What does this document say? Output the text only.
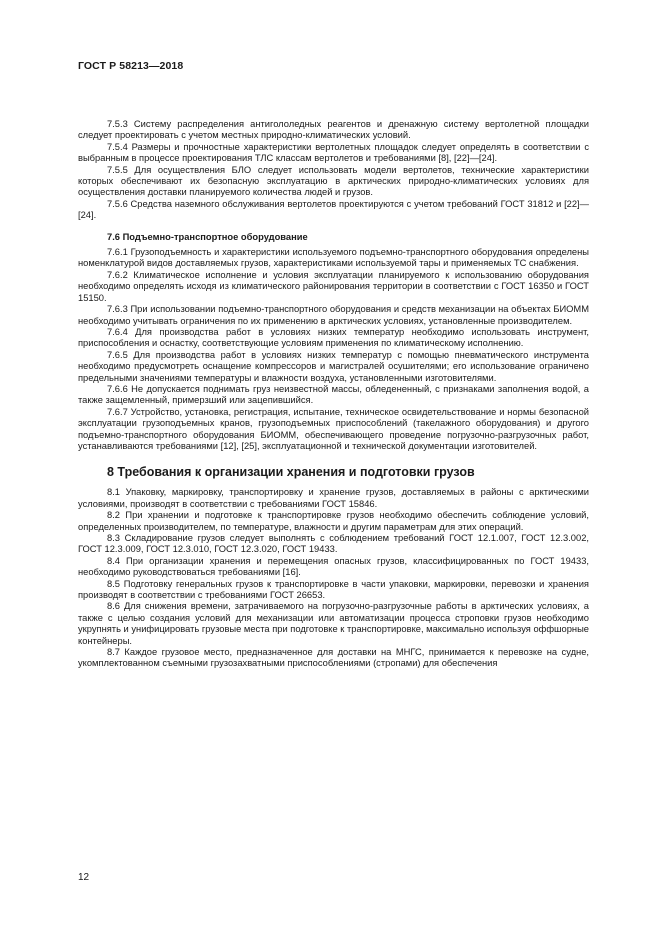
ГОСТ Р 58213—2018

7.5.3 Систему распределения антигололедных реагентов и дренажную систему вертолетной площадки следует проектировать с учетом местных природно-климатических условий.

7.5.4 Размеры и прочностные характеристики вертолетных площадок следует определять в соответствии с выбранным в процессе проектирования ТЛС классам вертолетов и требованиями [8], [22]—[24].

7.5.5 Для осуществления БЛО следует использовать модели вертолетов, технические характеристики которых обеспечивают их безопасную эксплуатацию в арктических природно-климатических условиях для осуществления доставки планируемого количества людей и грузов.

7.5.6 Средства наземного обслуживания вертолетов проектируются с учетом требований ГОСТ 31812 и [22]—[24].

7.6 Подъемно-транспортное оборудование

7.6.1 Грузоподъемность и характеристики используемого подъемно-транспортного оборудования определены номенклатурой видов доставляемых грузов, характеристиками используемой тары и применяемых ТС снабжения.

7.6.2 Климатическое исполнение и условия эксплуатации планируемого к использованию оборудования необходимо определять исходя из климатического районирования территории в соответствии с ГОСТ 16350 и ГОСТ 15150.

7.6.3 При использовании подъемно-транспортного оборудования и средств механизации на объектах БИОММ необходимо учитывать ограничения по их применению в арктических условиях, установленные производителем.

7.6.4 Для производства работ в условиях низких температур необходимо использовать инструмент, приспособления и оснастку, соответствующие условиям применения по климатическому исполнению.

7.6.5 Для производства работ в условиях низких температур с помощью пневматического инструмента необходимо предусмотреть оснащение компрессоров и магистралей осушителями; его использование ограничено предельными значениями температуры и влажности воздуха, установленными изготовителями.

7.6.6 Не допускается поднимать груз неизвестной массы, обледененный, с признаками заполнения водой, а также защемленный, примерзший или зацепившийся.

7.6.7 Устройство, установка, регистрация, испытание, техническое освидетельствование и нормы безопасной эксплуатации грузоподъемных кранов, грузоподъемных приспособлений (такелажного оборудования) и другого подъемно-транспортного оборудования БИОММ, обеспечивающего проведение погрузочно-разгрузочных работ, устанавливаются требованиями [12], [25], эксплуатационной и технической документации изготовителей.

8 Требования к организации хранения и подготовки грузов

8.1 Упаковку, маркировку, транспортировку и хранение грузов, доставляемых в районы с арктическими условиями, производят в соответствии с требованиями ГОСТ 15846.

8.2 При хранении и подготовке к транспортировке грузов необходимо обеспечить соблюдение условий, определенных производителем, по температуре, влажности и другим параметрам для этих операций.

8.3 Складирование грузов следует выполнять с соблюдением требований ГОСТ 12.1.007, ГОСТ 12.3.002, ГОСТ 12.3.009, ГОСТ 12.3.010, ГОСТ 12.3.020, ГОСТ 19433.

8.4 При организации хранения и перемещения опасных грузов, классифицированных по ГОСТ 19433, необходимо руководствоваться требованиями [16].

8.5 Подготовку генеральных грузов к транспортировке в части упаковки, маркировки, перевозки и хранения производят в соответствии с требованиями ГОСТ 26653.

8.6 Для снижения времени, затрачиваемого на погрузочно-разгрузочные работы в арктических условиях, а также с целью создания условий для механизации или автоматизации процесса строповки грузов необходимо укрупнять и унифицировать грузовые места при подготовке к транспортировке, максимально используя оффшорные контейнеры.

8.7 Каждое грузовое место, предназначенное для доставки на МНГС, принимается к перевозке на судне, укомплектованном съемными грузозахватными приспособлениями (стропами) для обеспечения

12
